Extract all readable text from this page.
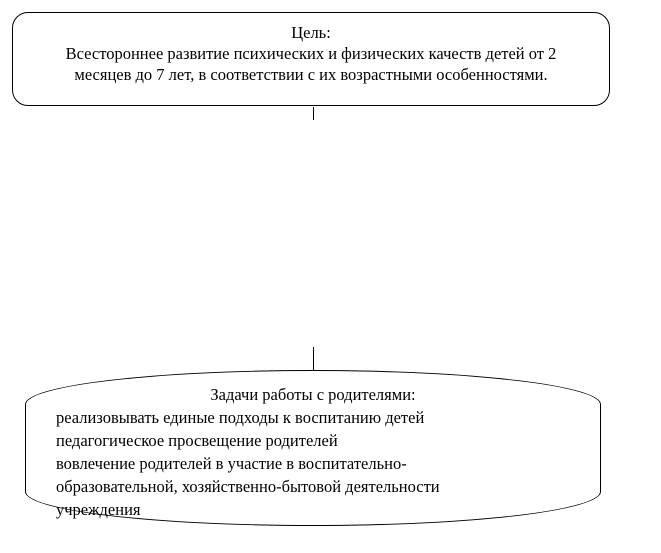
Цель:
Всестороннее развитие психических и физических качеств детей от 2
месяцев до 7 лет, в соответствии с их возрастными особенностями.
Задачи работы с родителями:
реализовывать единые подходы к воспитанию детей
педагогическое просвещение родителей
вовлечение родителей в участие в воспитательно-
образовательной, хозяйственно-бытовой деятельности
учреждения
